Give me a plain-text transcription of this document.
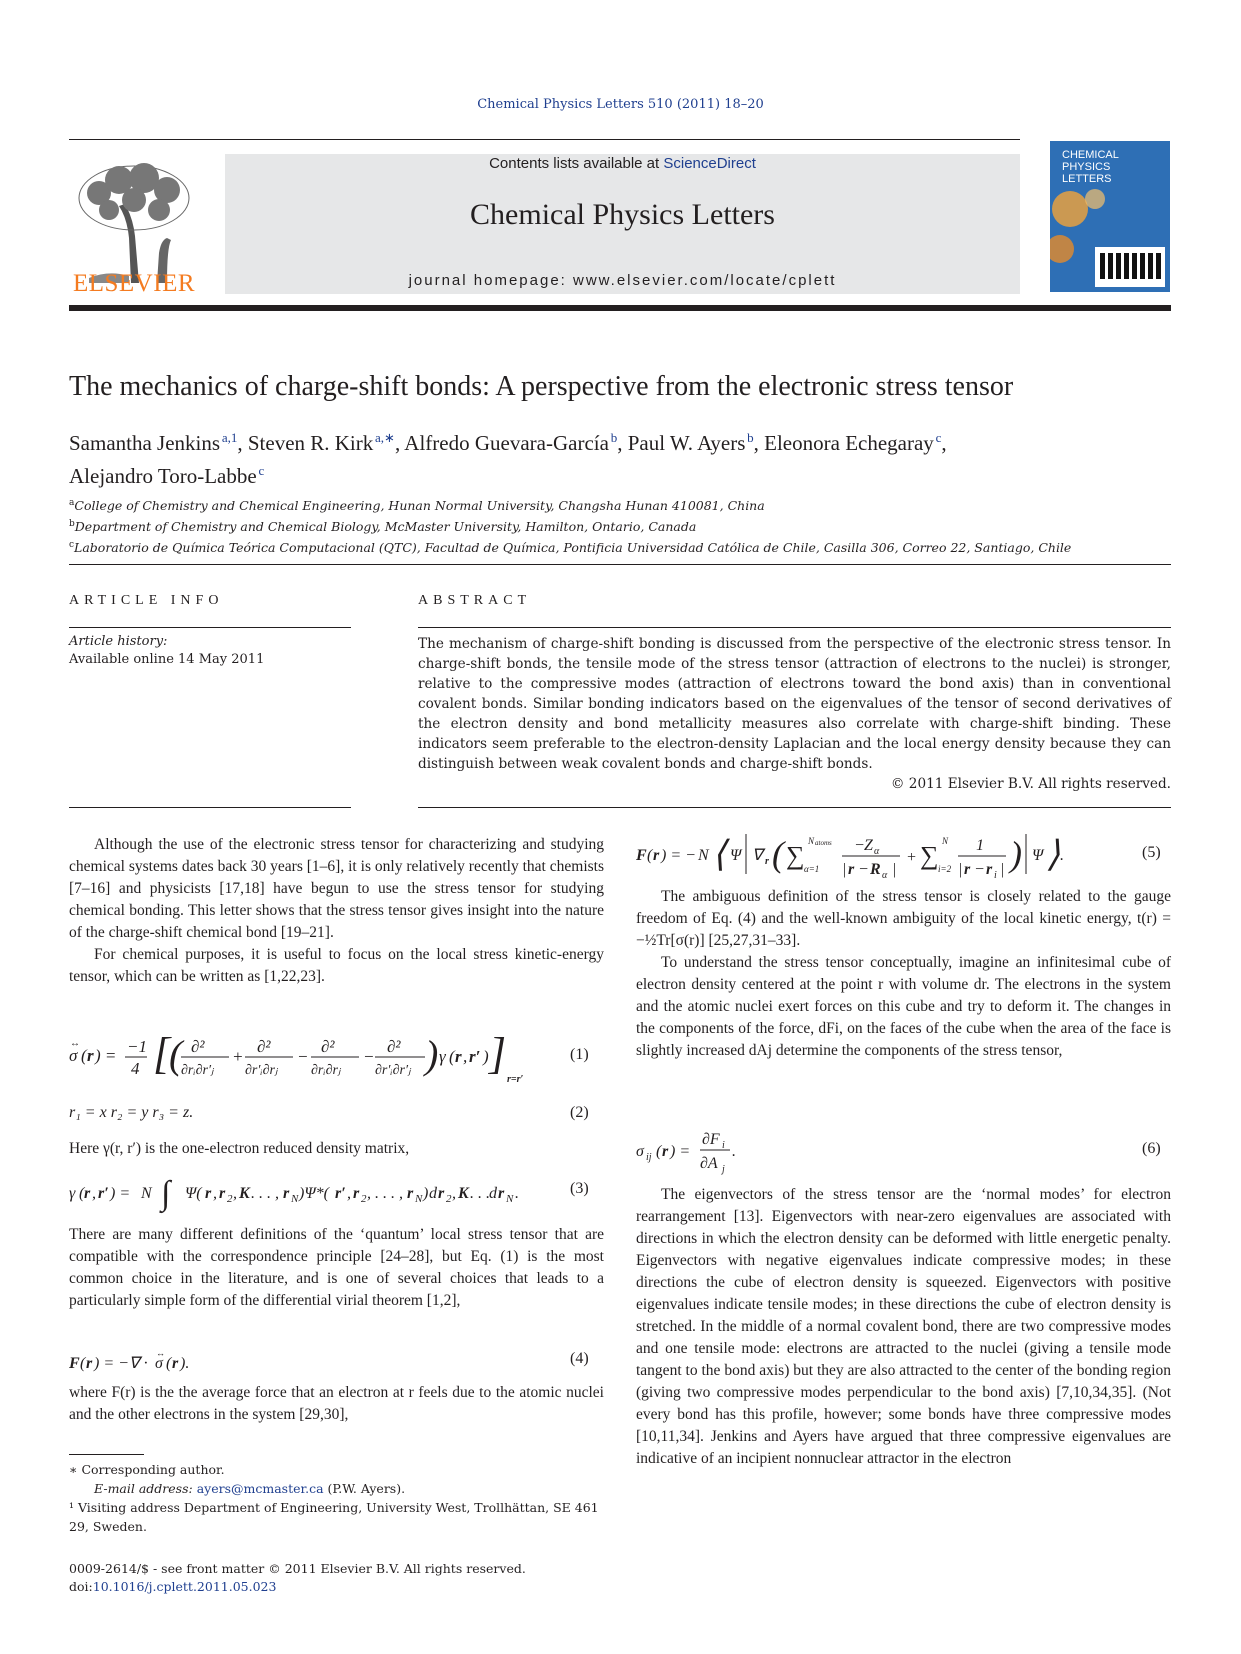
Chemical Physics Letters 510 (2011) 18–20
ELSEVIER
Contents lists available at ScienceDirect
Chemical Physics Letters
journal homepage: www.elsevier.com/locate/cplett
CHEMICAL
PHYSICS
LETTERS
The mechanics of charge-shift bonds: A perspective from the electronic stress tensor
Samantha Jenkins  $^{a,1}$, Steven R. Kirk  $^{a,∗}$, Alfredo Guevara-García  $^b$, Paul W. Ayers  $^b$, Eleonora Echegaray  $^c$,
Alejandro Toro-Labbe  $^c$
$^a$College of Chemistry and Chemical Engineering, Hunan Normal University, Changsha Hunan 410081, China
$^b$Department of Chemistry and Chemical Biology, McMaster University, Hamilton, Ontario, Canada
$^c$Laboratorio de Química Teórica Computacional (QTC), Facultad de Química, Pontificia Universidad Católica de Chile, Casilla 306, Correo 22, Santiago, Chile
ARTICLE INFO	ABSTRACT
Article history:
Available online 14 May 2011
The mechanism of charge-shift bonding is discussed from the perspective of the electronic stress tensor. In charge-shift bonds, the tensile mode of the stress tensor (attraction of electrons to the nuclei) is stronger, relative to the compressive modes (attraction of electrons toward the bond axis) than in conventional covalent bonds. Similar bonding indicators based on the eigenvalues of the tensor of second derivatives of the electron density and bond metallicity measures also correlate with charge-shift binding. These indicators seem preferable to the electron-density Laplacian and the local energy density because they can distinguish between weak covalent bonds and charge-shift bonds.
© 2011 Elsevier B.V. All rights reserved.

Although the use of the electronic stress tensor for characterizing and studying chemical systems dates back 30 years [1–6], it is only relatively recently that chemists [7–16] and physicists [17,18] have begun to use the stress tensor for studying chemical bonding. This letter shows that the stress tensor gives insight into the nature of the charge-shift chemical bond [19–21].

For chemical purposes, it is useful to focus on the local stress kinetic-energy tensor, which can be written as [1,22,23].

σ
↔
( r ) = −1
4 [
( ∂²
∂rᵢ∂r′ⱼ
+
∂²
∂r′ᵢ∂rⱼ
−
∂²
∂rᵢ∂rⱼ
−
∂²
∂r′ᵢ∂r′ⱼ ) γ ( r , r′ ) ]
r=r′
(1)
r₁ = x r₂ = y r₃ = z.	(2)
Here γ(r, r′) is the one-electron reduced density matrix,
γ ( r , r′ ) = N ∫ Ψ( r , r 2 , K . . . , r N )Ψ*( r′ , r 2 , . . . , r N ) d r 2 , K . . . d r N .	(3)
There are many different definitions of the ‘quantum’ local stress tensor that are compatible with the correspondence principle [24–28], but Eq. (1) is the most common choice in the literature, and is one of several choices that leads to a particularly simple form of the differential virial theorem [1,2],
F ( r ) = −∇ · σ
↔
( r ).	(4)
where F(r) is the the average force that an electron at r feels due to the atomic nuclei and the other electrons in the system [29,30],
∗ Corresponding author.
E-mail address: ayers@mcmaster.ca (P.W. Ayers).
¹ Visiting address Department of Engineering, University West, Trollhättan, SE 461 29, Sweden.
0009-2614/$ - see front matter © 2011 Elsevier B.V. All rights reserved.
doi:10.1016/j.cplett.2011.05.023
F ( r ) = − N ⟨ Ψ ∇ r ( ∑ N atoms
α=1
− Z α
| r − R α |
+ ∑ N
i=2
1
| r − r i | ) Ψ ⟩ .	(5)

The ambiguous definition of the stress tensor is closely related to the gauge freedom of Eq. (4) and the well-known ambiguity of the local kinetic energy, t(r) = −½Tr[σ(r)] [25,27,31–33].

To understand the stress tensor conceptually, imagine an infinitesimal cube of electron density centered at the point r with volume dr. The electrons in the system and the atomic nuclei exert forces on this cube and try to deform it. The changes in the components of the force, dFi, on the faces of the cube when the area of the face is slightly increased dAj determine the components of the stress tensor,

σ ij ( r ) =
∂F i
∂A j
.	(6)

The eigenvectors of the stress tensor are the ‘normal modes’ for electron rearrangement [13]. Eigenvectors with near-zero eigenvalues are associated with directions in which the electron density can be deformed with little energetic penalty. Eigenvectors with negative eigenvalues indicate compressive modes; in these directions the cube of electron density is squeezed. Eigenvectors with positive eigenvalues indicate tensile modes; in these directions the cube of electron density is stretched. In the middle of a normal covalent bond, there are two compressive modes and one tensile mode: electrons are attracted to the nuclei (giving a tensile mode tangent to the bond axis) but they are also attracted to the center of the bonding region (giving two compressive modes perpendicular to the bond axis) [7,10,34,35]. (Not every bond has this profile, however; some bonds have three compressive modes [10,11,34]. Jenkins and Ayers have argued that three compressive eigenvalues are indicative of an incipient nonnuclear attractor in the electron
